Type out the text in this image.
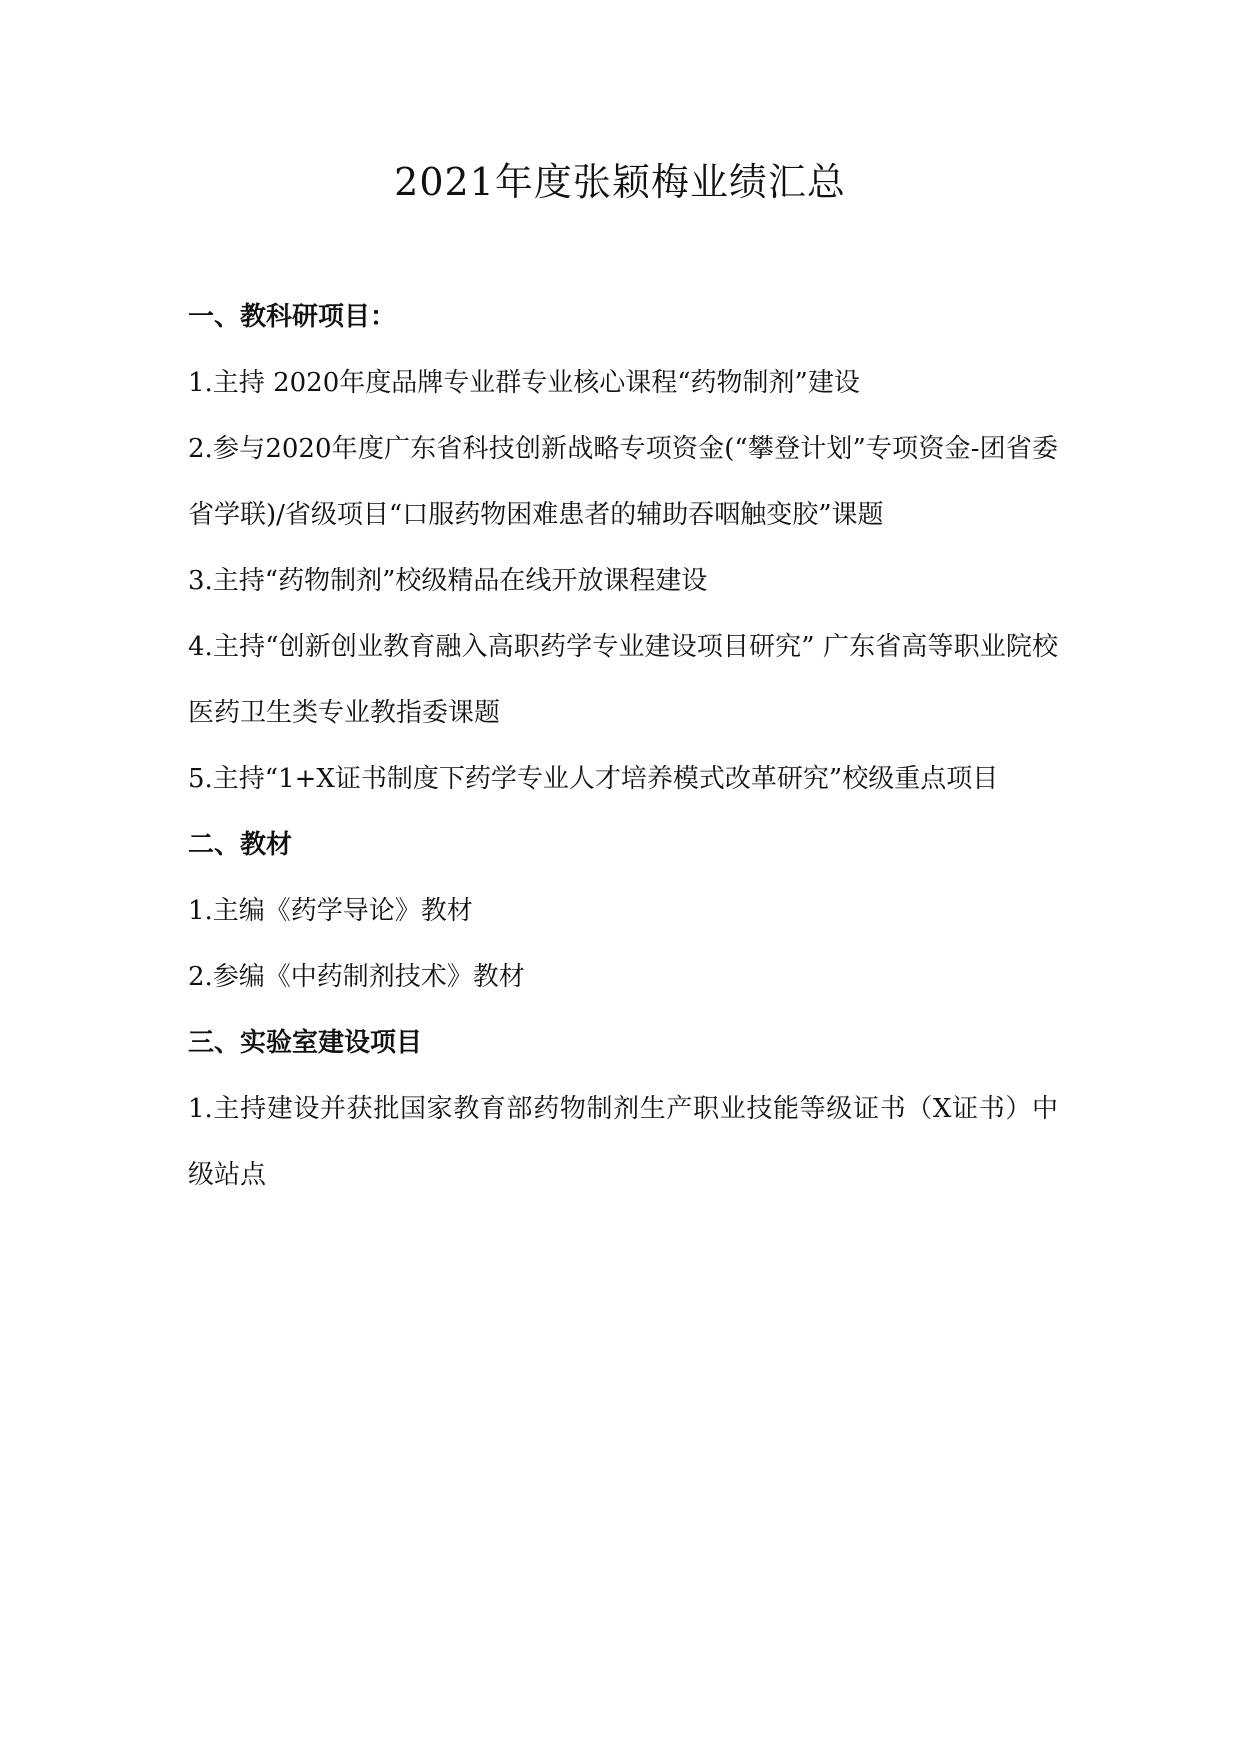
2021年度张颖梅业绩汇总
一、教科研项目：

1.主持 2020年度品牌专业群专业核心课程“药物制剂”建设

2.参与2020年度广东省科技创新战略专项资金(“攀登计划”专项资金-团省委省学联)/省级项目“口服药物困难患者的辅助吞咽触变胶”课题

3.主持“药物制剂”校级精品在线开放课程建设

4.主持“创新创业教育融入高职药学专业建设项目研究” 广东省高等职业院校医药卫生类专业教指委课题

5.主持“1+X证书制度下药学专业人才培养模式改革研究”校级重点项目

二、教材

1.主编《药学导论》教材

2.参编《中药制剂技术》教材

三、实验室建设项目

1.主持建设并获批国家教育部药物制剂生产职业技能等级证书（X证书）中级站点
